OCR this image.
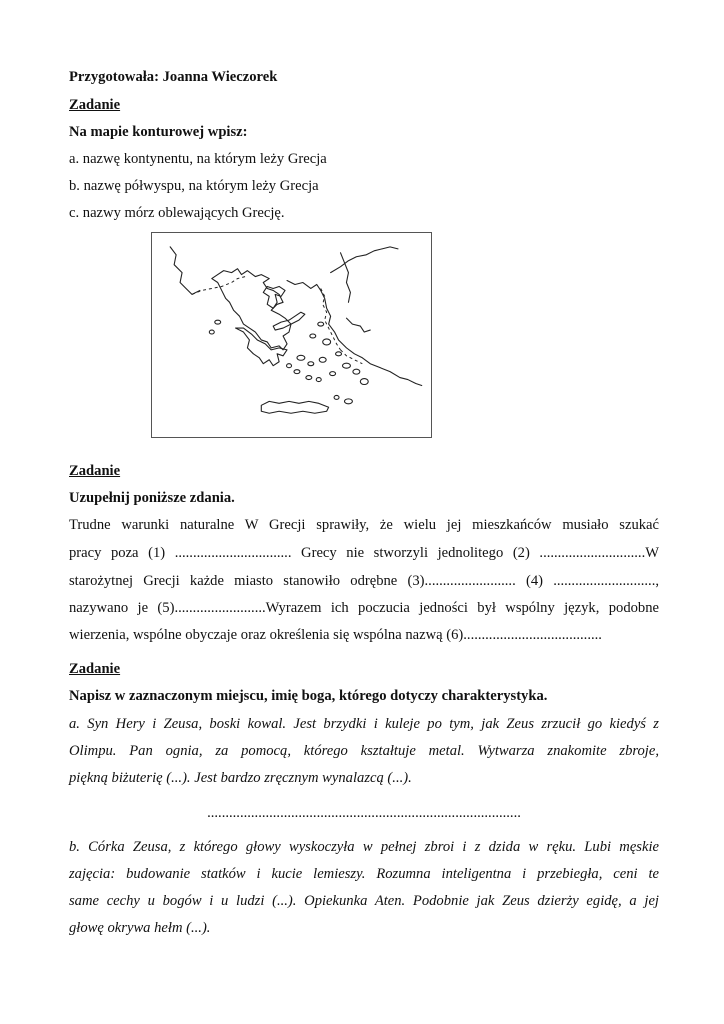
Przygotowała: Joanna Wieczorek
Zadanie
Na mapie konturowej wpisz:
a. nazwę kontynentu, na którym leży Grecja
b. nazwę półwyspu, na którym leży Grecja
c. nazwy mórz oblewających Grecję.
Zadanie
Uzupełnij poniższe zdania.
Trudne warunki naturalne W Grecji sprawiły, że wielu jej mieszkańców musiało szukać
pracy poza (1) ................................ Grecy nie stworzyli jednolitego (2) .............................W
starożytnej Grecji każde miasto stanowiło odrębne (3)......................... (4) ............................,
nazywano je (5).........................Wyrazem ich poczucia jedności był wspólny język, podobne
wierzenia, wspólne obyczaje oraz określenia się wspólna nazwą (6)......................................
Zadanie
Napisz w zaznaczonym miejscu, imię boga, którego dotyczy charakterystyka.
a. Syn Hery i Zeusa, boski kowal. Jest brzydki i kuleje po tym, jak Zeus zrzucił go kiedyś z
Olimpu. Pan ognia, za pomocą, którego kształtuje metal. Wytwarza znakomite zbroje,
piękną biżuterię (...). Jest bardzo zręcznym wynalazcą (...).
......................................................................................
b. Córka Zeusa, z którego głowy wyskoczyła w pełnej zbroi i z dzida w ręku. Lubi męskie
zajęcia: budowanie statków i kucie lemieszy. Rozumna inteligentna i przebiegła, ceni te
same cechy u bogów i u ludzi (...). Opiekunka Aten. Podobnie jak Zeus dzierży egidę, a jej
głowę okrywa hełm (...).
